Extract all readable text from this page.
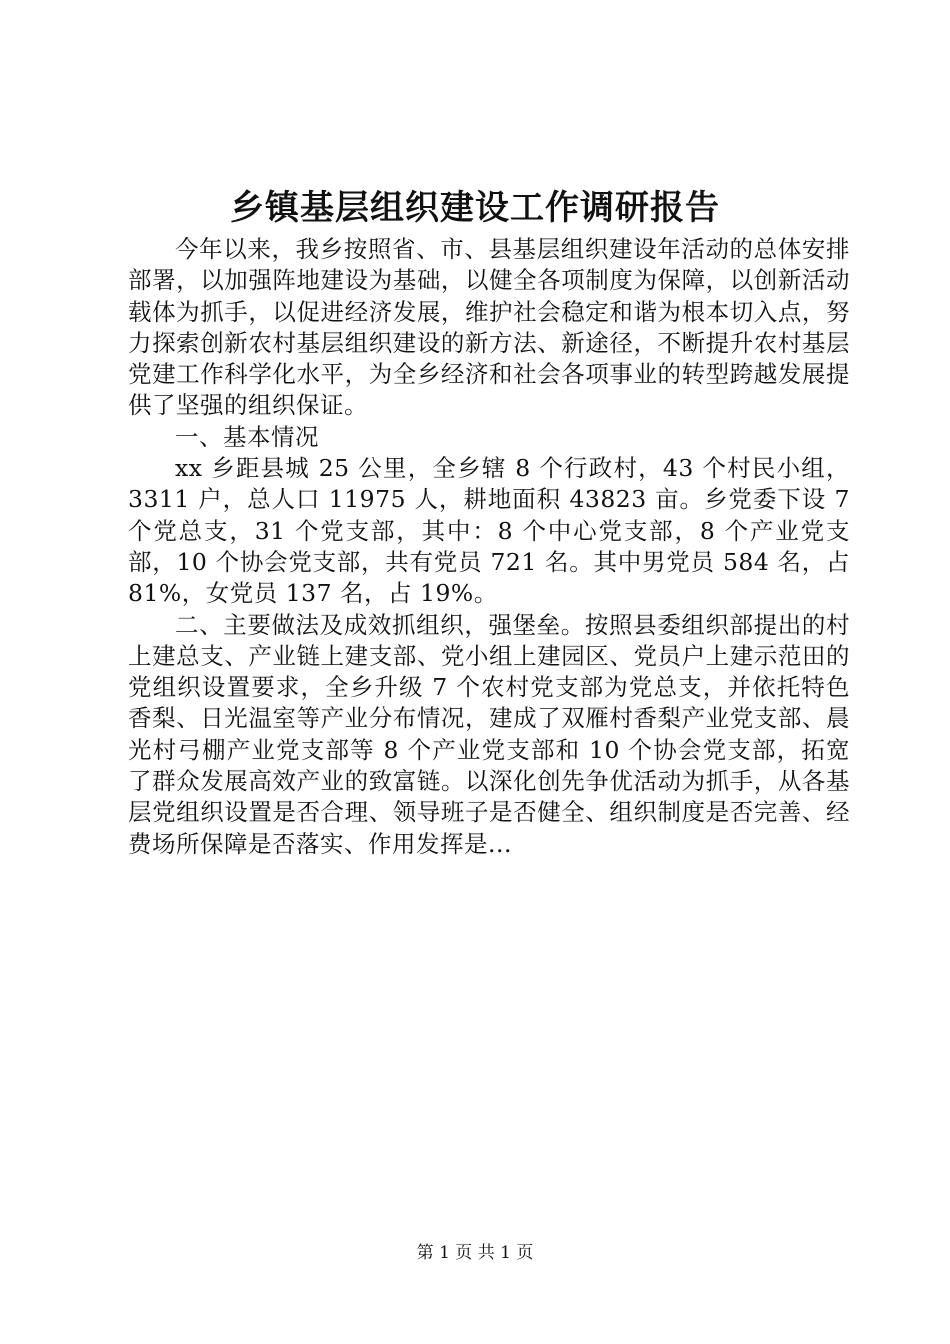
乡镇基层组织建设工作调研报告

今年以来，我乡按照省、市、县基层组织建设年活动的总体安排部署，以加强阵地建设为基础，以健全各项制度为保障，以创新活动载体为抓手，以促进经济发展，维护社会稳定和谐为根本切入点，努力探索创新农村基层组织建设的新方法、新途径，不断提升农村基层党建工作科学化水平，为全乡经济和社会各项事业的转型跨越发展提供了坚强的组织保证。

一、基本情况

xx 乡距县城 25 公里，全乡辖 8 个行政村，43 个村民小组，3311 户，总人口 11975 人，耕地面积 43823 亩。乡党委下设 7 个党总支，31 个党支部，其中：8 个中心党支部，8 个产业党支部，10 个协会党支部，共有党员 721 名。其中男党员 584 名，占 81%，女党员 137 名，占 19%。

二、主要做法及成效抓组织，强堡垒。按照县委组织部提出的村上建总支、产业链上建支部、党小组上建园区、党员户上建示范田的党组织设置要求，全乡升级 7 个农村党支部为党总支，并依托特色香梨、日光温室等产业分布情况，建成了双雁村香梨产业党支部、晨光村弓棚产业党支部等 8 个产业党支部和 10 个协会党支部，拓宽了群众发展高效产业的致富链。以深化创先争优活动为抓手，从各基层党组织设置是否合理、领导班子是否健全、组织制度是否完善、经费场所保障是否落实、作用发挥是...

第 1 页 共 1 页
